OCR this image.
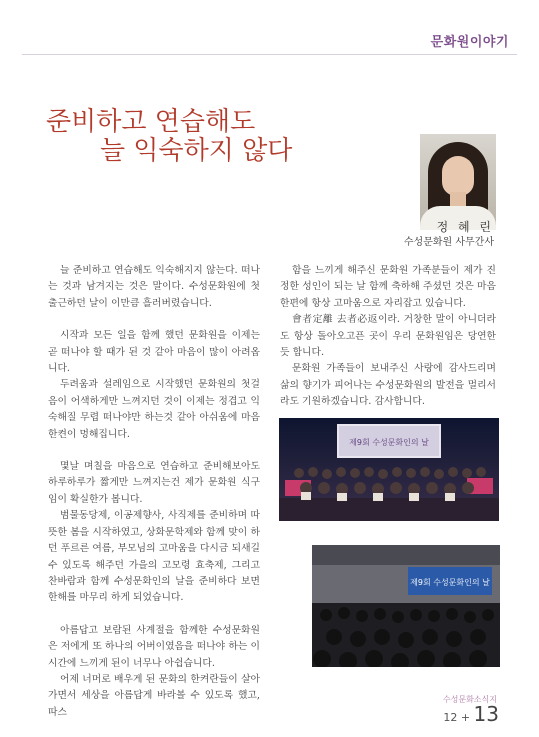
문화원이야기
준비하고 연습해도
늘 익숙하지 않다
정 혜 린
수성문화원 사무간사

늘 준비하고 연습해도 익숙해지지 않는다. 떠나는 것과 남겨지는 것은 말이다. 수성문화원에 첫 출근하던 날이 이만큼 흘러버렸습니다.

시작과 모든 일을 함께 했던 문화원을 이제는 곧 떠나야 할 때가 된 것 같아 마음이 많이 아려옵니다.

두려움과 설레임으로 시작했던 문화원의 첫걸음이 어색하게만 느껴지던 것이 이제는 정겹고 익숙해질 무렵 떠나야만 하는것 같아 아쉬움에 마음 한켠이 멍해집니다.

몇날 며칠을 마음으로 연습하고 준비해보아도 하루하루가 짧게만 느껴지는건 제가 문화원 식구임이 확실한가 봅니다.

범물동당제, 이공제향사, 사직제를 준비하며 따뜻한 봄을 시작하였고, 상화문학제와 함께 맞이 하던 푸르른 여름, 부모님의 고마움을 다시금 되새길 수 있도록 해주던 가을의 고모령 효축제, 그리고 찬바람과 함께 수성문화인의 날을 준비하다 보면 한해를 마무리 하게 되었습니다.

아름답고 보람된 사계절을 함께한 수성문화원은 저에게 또 하나의 어버이였음을 떠나야 하는 이 시간에 느끼게 된이 너무나 아쉽습니다.

어제 너머로 배우게 된 문화의 한켜란들이 살아가면서 세상을 아름답게 바라볼 수 있도록 했고, 따스

함을 느끼게 해주신 문화원 가족분들이 제가 진정한 성인이 되는 날 함께 축하해 주셨던 것은 마음 한편에 항상 고마움으로 자리잡고 있습니다.

會者定離 去者必返이라. 거창한 말이 아니더라도 항상 돌아오고픈 곳이 우리 문화원임은 당연한 듯 합니다.

문화원 가족들이 보내주신 사랑에 감사드리며 삶의 향기가 피어나는 수성문화원의 발전을 멀리서라도 기원하겠습니다. 감사합니다.

제9회 수성문화인의 날
제9회 수성문화인의 날
수성문화소식지
12 + 13
